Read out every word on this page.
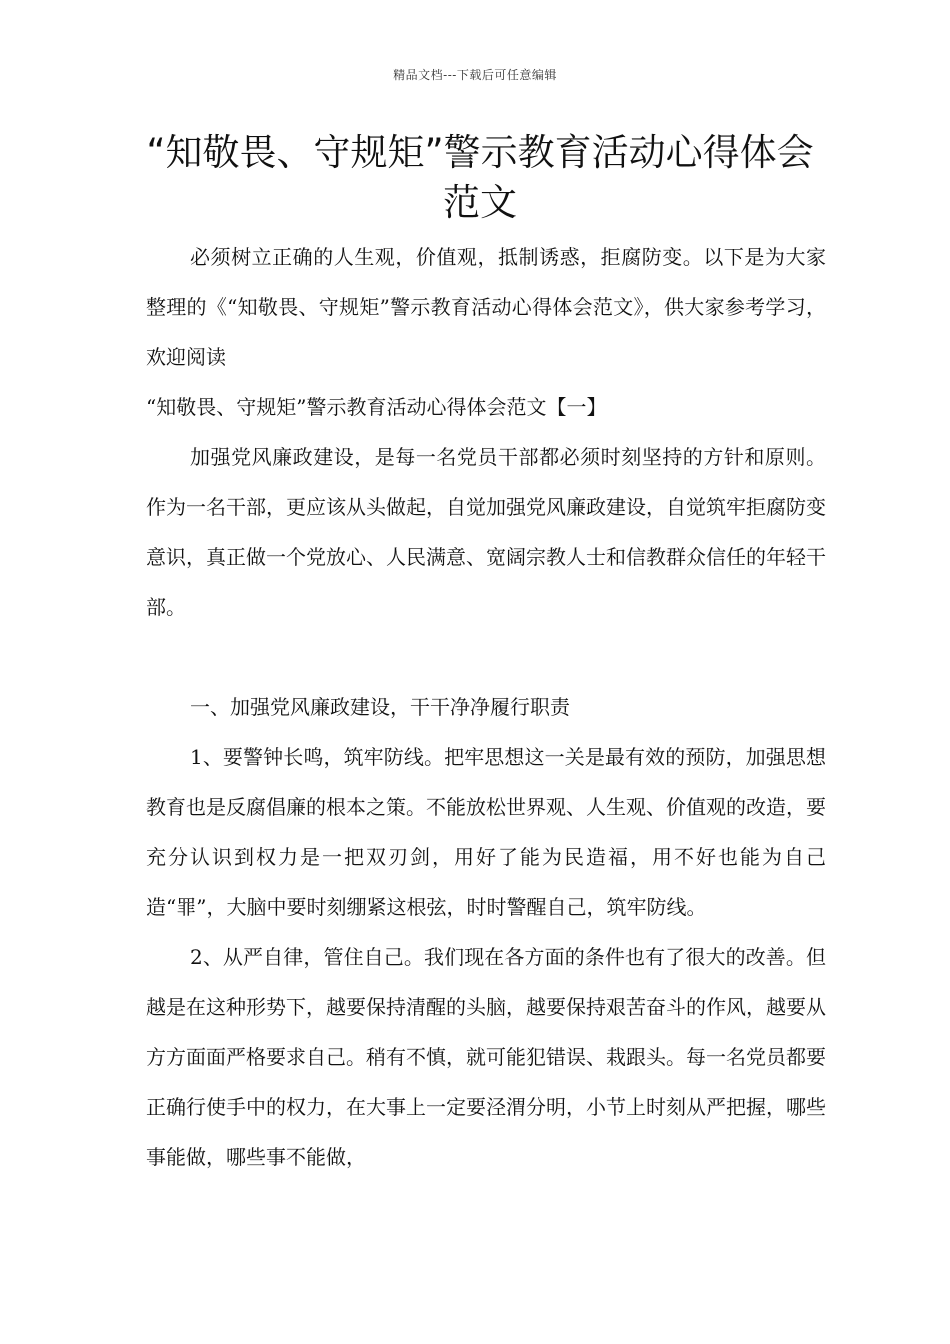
精品文档---下载后可任意编辑
“知敬畏、守规矩”警示教育活动心得体会范文

必须树立正确的人生观，价值观，抵制诱惑，拒腐防变。以下是为大家整理的《“知敬畏、守规矩”警示教育活动心得体会范文》，供大家参考学习，欢迎阅读

“知敬畏、守规矩”警示教育活动心得体会范文【一】

加强党风廉政建设，是每一名党员干部都必须时刻坚持的方针和原则。作为一名干部，更应该从头做起，自觉加强党风廉政建设，自觉筑牢拒腐防变意识，真正做一个党放心、人民满意、宽阔宗教人士和信教群众信任的年轻干部。

一、加强党风廉政建设，干干净净履行职责

1、要警钟长鸣，筑牢防线。把牢思想这一关是最有效的预防，加强思想教育也是反腐倡廉的根本之策。不能放松世界观、人生观、价值观的改造，要充分认识到权力是一把双刃剑，用好了能为民造福，用不好也能为自己造“罪”，大脑中要时刻绷紧这根弦，时时警醒自己，筑牢防线。

2、从严自律，管住自己。我们现在各方面的条件也有了很大的改善。但越是在这种形势下，越要保持清醒的头脑，越要保持艰苦奋斗的作风，越要从方方面面严格要求自己。稍有不慎，就可能犯错误、栽跟头。每一名党员都要正确行使手中的权力，在大事上一定要泾渭分明，小节上时刻从严把握，哪些事能做，哪些事不能做，
